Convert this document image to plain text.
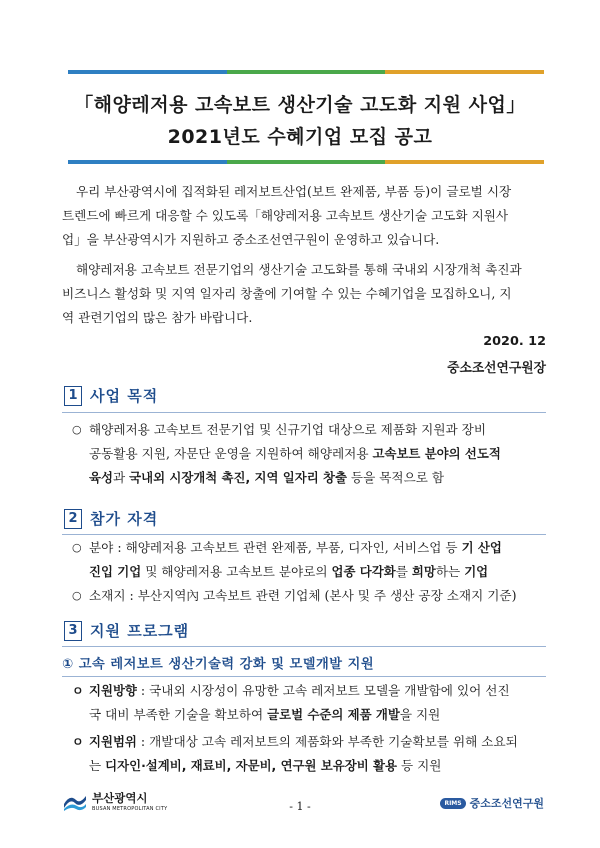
「해양레저용 고속보트 생산기술 고도화 지원 사업」
2021년도 수혜기업 모집 공고
우리 부산광역시에 집적화된 레저보트산업(보트 완제품, 부품 등)이 글로벌 시장
트렌드에 빠르게 대응할 수 있도록「해양레저용 고속보트 생산기술 고도화 지원사
업」을 부산광역시가 지원하고 중소조선연구원이 운영하고 있습니다.
해양레저용 고속보트 전문기업의 생산기술 고도화를 통해 국내외 시장개척 촉진과
비즈니스 활성화 및 지역 일자리 창출에 기여할 수 있는 수혜기업을 모집하오니, 지
역 관련기업의 많은 참가 바랍니다.
2020. 12
중소조선연구원장
1 사업 목적
○ 해양레저용 고속보트 전문기업 및 신규기업 대상으로 제품화 지원과 장비
공동활용 지원, 자문단 운영을 지원하여 해양레저용 고속보트 분야의 선도적
육성과 국내외 시장개척 촉진, 지역 일자리 창출 등을 목적으로 함
2 참가 자격
○ 분야 : 해양레저용 고속보트 관련 완제품, 부품, 디자인, 서비스업 등 기 산업
진입 기업 및 해양레저용 고속보트 분야로의 업종 다각화를 희망하는 기업
○ 소재지 : 부산지역內 고속보트 관련 기업체 (본사 및 주 생산 공장 소재지 기준)
3 지원 프로그램
① 고속 레저보트 생산기술력 강화 및 모델개발 지원
ㅇ 지원방향 : 국내외 시장성이 유망한 고속 레저보트 모델을 개발함에 있어 선진
국 대비 부족한 기술을 확보하여 글로벌 수준의 제품 개발을 지원
ㅇ 지원범위 : 개발대상 고속 레저보트의 제품화와 부족한 기술확보를 위해 소요되
는 디자인·설계비, 재료비, 자문비, 연구원 보유장비 활용 등 지원
부산광역시
BUSAN METROPOLITAN CITY	- 1 -	RIMS 중소조선연구원
